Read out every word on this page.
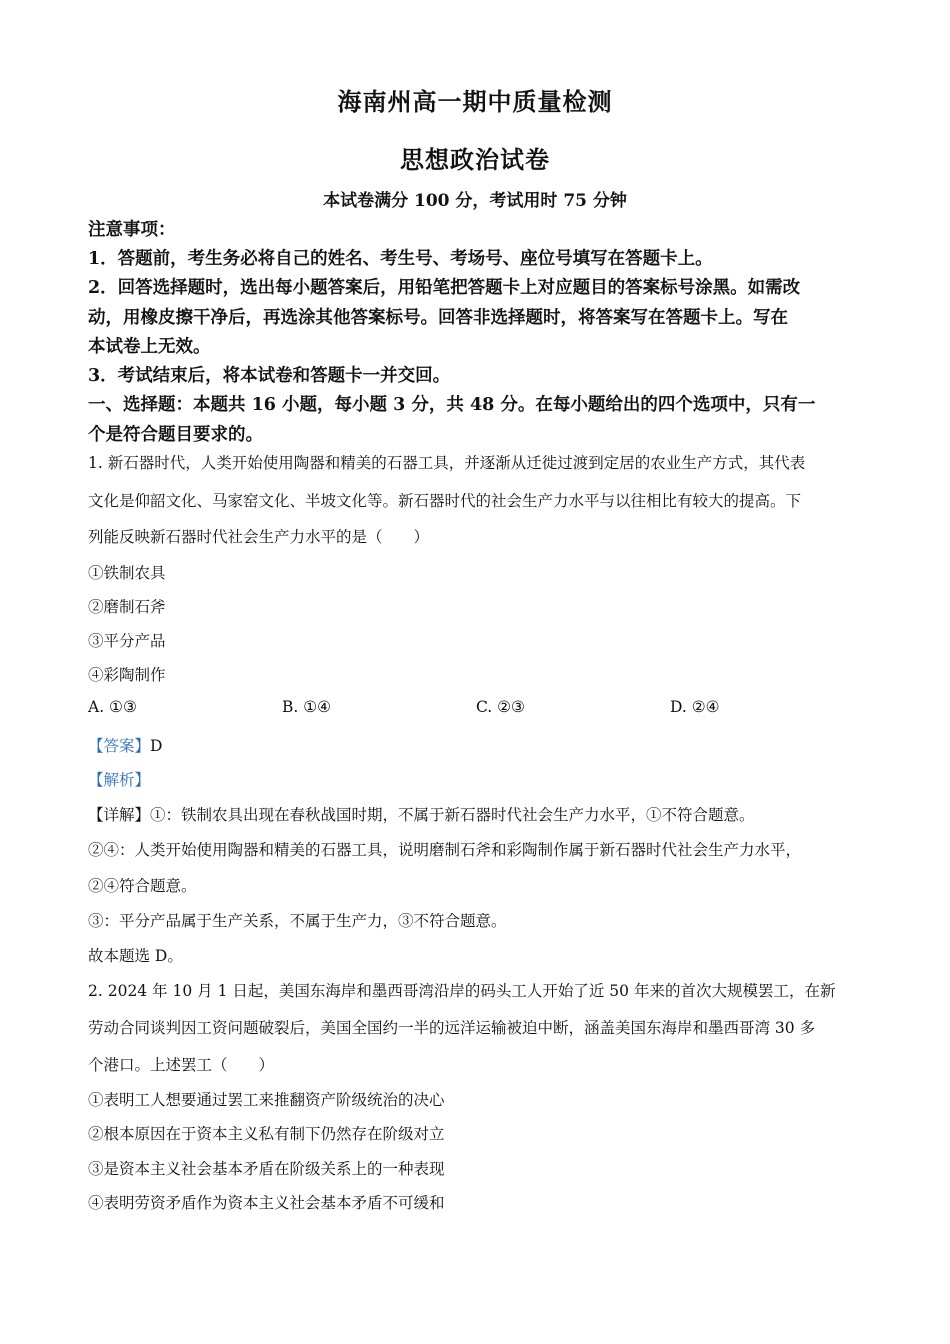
海南州高一期中质量检测
思想政治试卷
本试卷满分 100 分，考试用时 75 分钟
注意事项：
1．答题前，考生务必将自己的姓名、考生号、考场号、座位号填写在答题卡上。
2．回答选择题时，选出每小题答案后，用铅笔把答题卡上对应题目的答案标号涂黑。如需改
动，用橡皮擦干净后，再选涂其他答案标号。回答非选择题时，将答案写在答题卡上。写在
本试卷上无效。
3．考试结束后，将本试卷和答题卡一并交回。
一、选择题：本题共 16 小题，每小题 3 分，共 48 分。在每小题给出的四个选项中，只有一
个是符合题目要求的。
1. 新石器时代，人类开始使用陶器和精美的石器工具，并逐渐从迁徙过渡到定居的农业生产方式，其代表
文化是仰韶文化、马家窑文化、半坡文化等。新石器时代的社会生产力水平与以往相比有较大的提高。下
列能反映新石器时代社会生产力水平的是（　　）
①铁制农具
②磨制石斧
③平分产品
④彩陶制作
A. ①③	B. ①④	C. ②③	D. ②④
【答案】D
【解析】
【详解】①：铁制农具出现在春秋战国时期，不属于新石器时代社会生产力水平，①不符合题意。
②④：人类开始使用陶器和精美的石器工具，说明磨制石斧和彩陶制作属于新石器时代社会生产力水平，
②④符合题意。
③：平分产品属于生产关系，不属于生产力，③不符合题意。
故本题选 D。
2. 2024 年 10 月 1 日起，美国东海岸和墨西哥湾沿岸的码头工人开始了近 50 年来的首次大规模罢工，在新
劳动合同谈判因工资问题破裂后，美国全国约一半的远洋运输被迫中断，涵盖美国东海岸和墨西哥湾 30 多
个港口。上述罢工（　　）
①表明工人想要通过罢工来推翻资产阶级统治的决心
②根本原因在于资本主义私有制下仍然存在阶级对立
③是资本主义社会基本矛盾在阶级关系上的一种表现
④表明劳资矛盾作为资本主义社会基本矛盾不可缓和
